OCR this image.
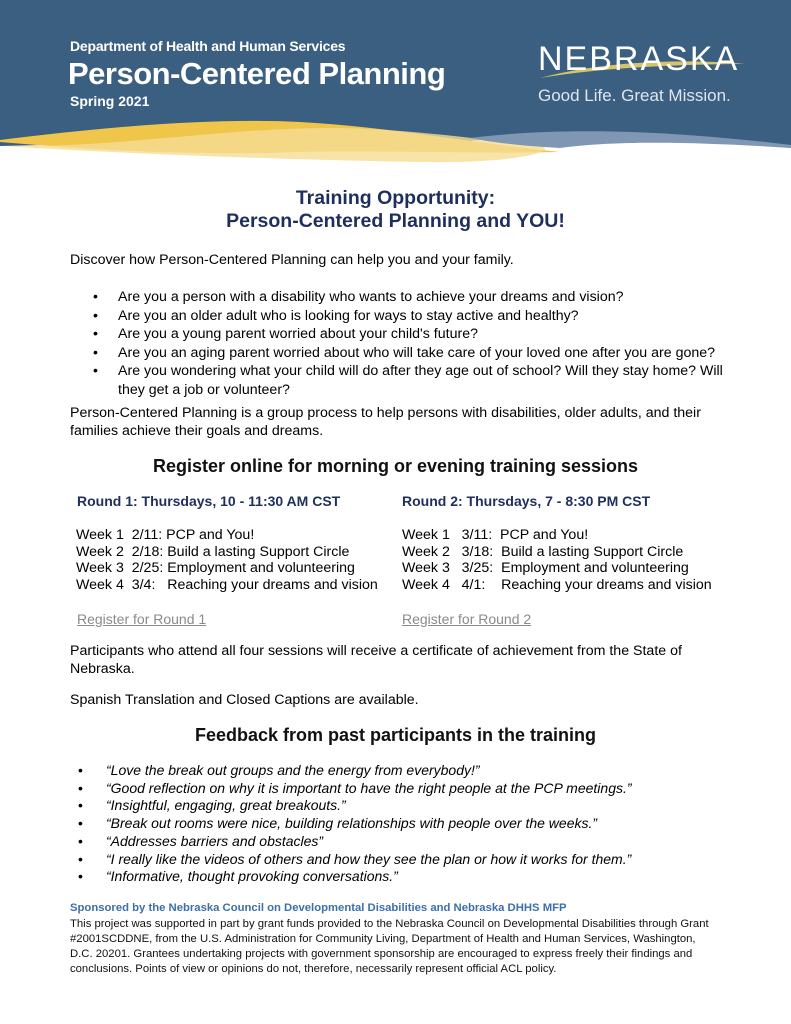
Department of Health and Human Services
Person-Centered Planning
Spring 2021
NEBRASKA
Good Life. Great Mission.
Training Opportunity:
Person-Centered Planning and YOU!
Discover how Person-Centered Planning can help you and your family.
• Are you a person with a disability who wants to achieve your dreams and vision?
• Are you an older adult who is looking for ways to stay active and healthy?
• Are you a young parent worried about your child's future?
• Are you an aging parent worried about who will take care of your loved one after you are gone?
• Are you wondering what your child will do after they age out of school? Will they stay home? Will they get a job or volunteer?
Person-Centered Planning is a group process to help persons with disabilities, older adults, and their families achieve their goals and dreams.
Register online for morning or evening training sessions
Round 1: Thursdays, 10 - 11:30 AM CST
Week 1  2/11: PCP and You!
Week 2  2/18: Build a lasting Support Circle
Week 3  2/25: Employment and volunteering
Week 4  3/4:   Reaching your dreams and vision
Register for Round 1
Round 2: Thursdays, 7 - 8:30 PM CST
Week 1   3/11:  PCP and You!
Week 2   3/18:  Build a lasting Support Circle
Week 3   3/25:  Employment and volunteering
Week 4   4/1:    Reaching your dreams and vision
Register for Round 2
Participants who attend all four sessions will receive a certificate of achievement from the State of Nebraska.
Spanish Translation and Closed Captions are available.
Feedback from past participants in the training
• “Love the break out groups and the energy from everybody!”
• “Good reflection on why it is important to have the right people at the PCP meetings.”
• “Insightful, engaging, great breakouts.”
• “Break out rooms were nice, building relationships with people over the weeks.”
• “Addresses barriers and obstacles”
• “I really like the videos of others and how they see the plan or how it works for them.”
• “Informative, thought provoking conversations.”
Sponsored by the Nebraska Council on Developmental Disabilities and Nebraska DHHS MFP
This project was supported in part by grant funds provided to the Nebraska Council on Developmental Disabilities through Grant #2001SCDDNE, from the U.S. Administration for Community Living, Department of Health and Human Services, Washington, D.C. 20201. Grantees undertaking projects with government sponsorship are encouraged to express freely their findings and conclusions. Points of view or opinions do not, therefore, necessarily represent official ACL policy.
